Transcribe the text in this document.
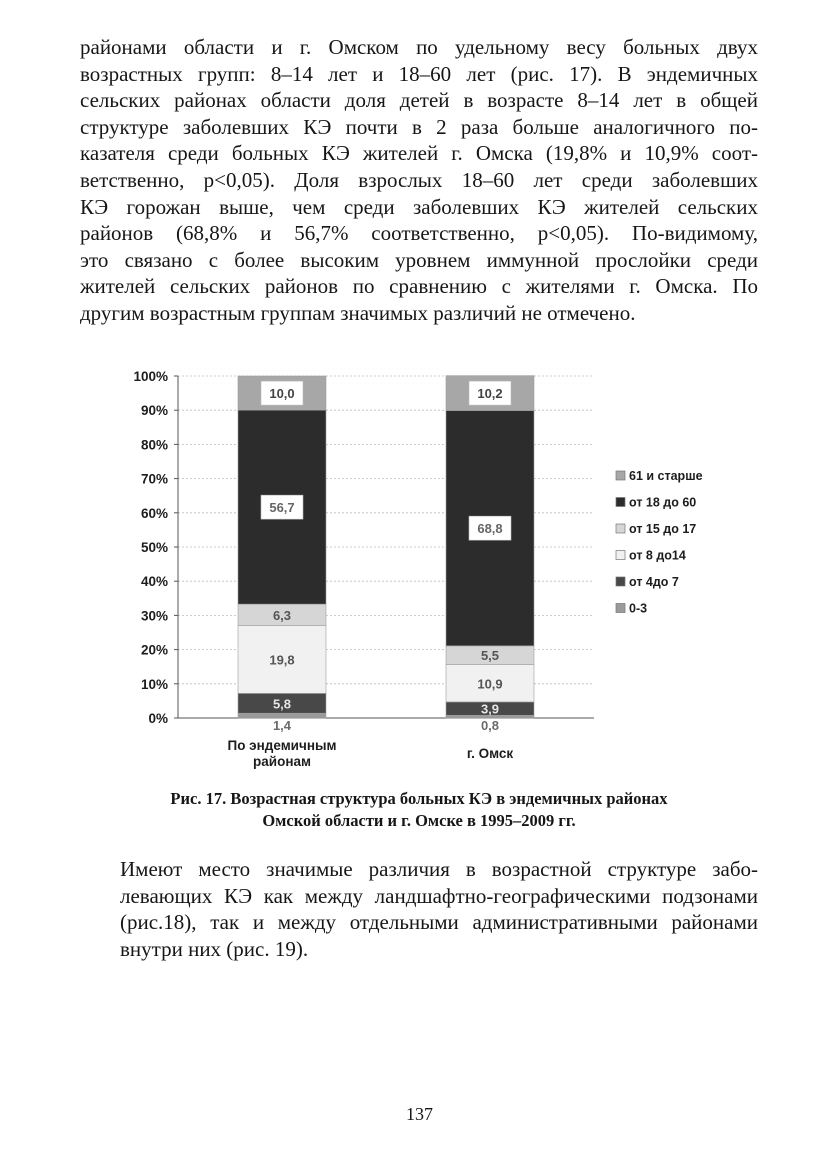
районами области и г. Омском по удельному весу больных двух
возрастных групп: 8–14 лет и 18–60 лет (рис. 17). В эндемичных
сельских районах области доля детей в возрасте 8–14 лет в общей
структуре заболевших КЭ почти в 2 раза больше аналогичного по-
казателя среди больных КЭ жителей г. Омска (19,8% и 10,9% соот-
ветственно, p<0,05). Доля взрослых 18–60 лет среди заболевших
КЭ горожан выше, чем среди заболевших КЭ жителей сельских
районов (68,8% и 56,7% соответственно, p<0,05). По-видимому,
это связано с более высоким уровнем иммунной прослойки среди
жителей сельских районов по сравнению с жителями г. Омска. По
другим возрастным группам значимых различий не отмечено.

0%
10%
20%
30%
40%
50%
60%
70%
80%
90%
100%
1,4
5,8
19,8
6,3
56,7
10,0
По эндемичным
районам
0,8
3,9
10,9
5,5
68,8
10,2
г. Омск
61 и старше
от 18 до 60
от 15 до 17
от 8 до14
от 4до 7
0-3
Рис. 17. Возрастная структура больных КЭ в эндемичных районах
Омской области и г. Омске в 1995–2009 гг.

Имеют место значимые различия в возрастной структуре забо-
левающих КЭ как между ландшафтно-географическими подзонами
(рис.18), так и между отдельными административными районами
внутри них (рис. 19).

137
